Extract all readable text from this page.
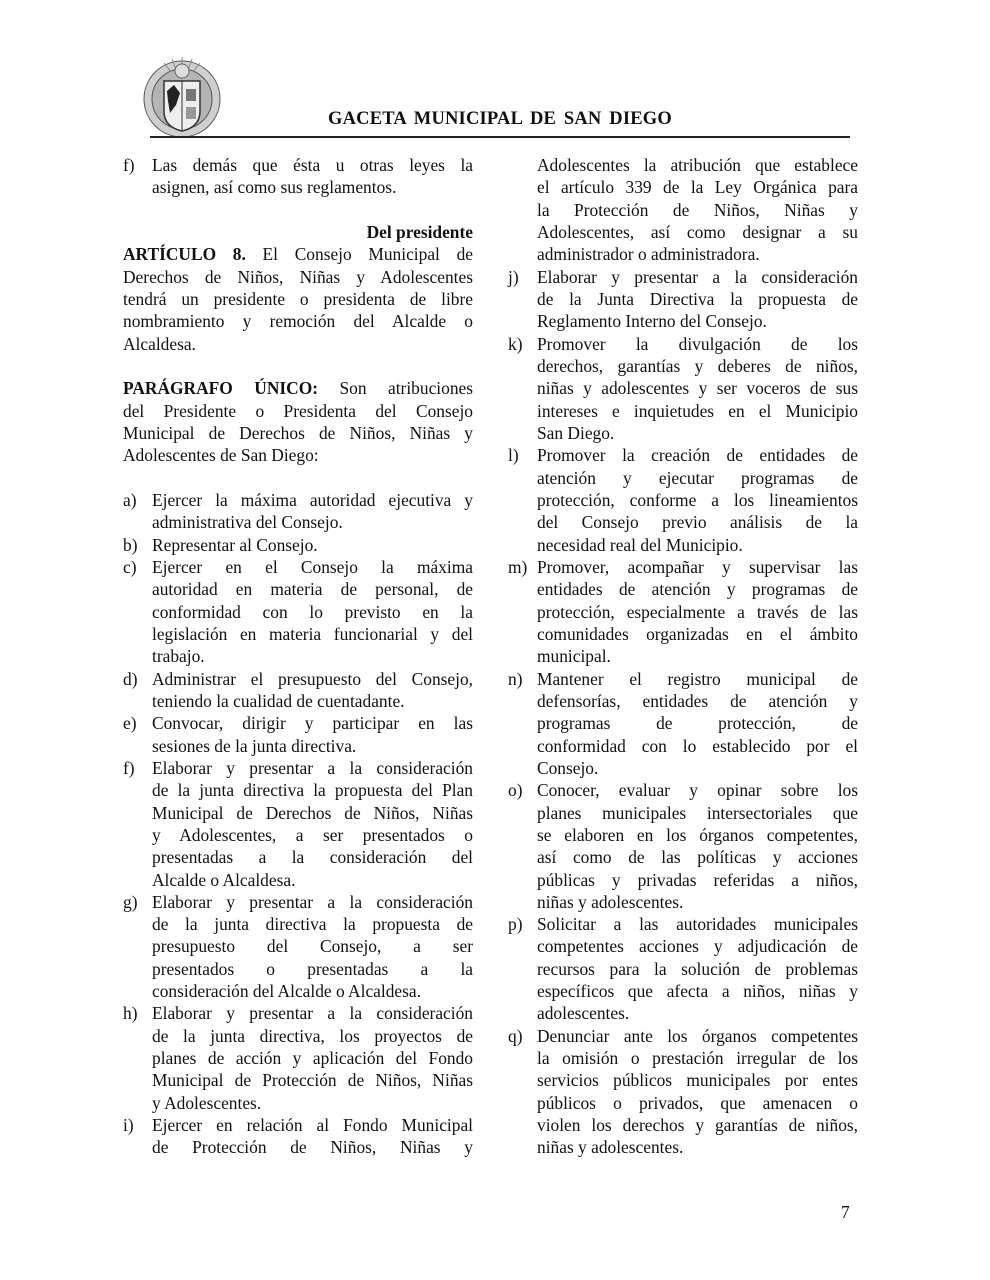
GACETA MUNICIPAL DE SAN DIEGO
f) Las demás que ésta u otras leyes la
asignen, así como sus reglamentos.
Del presidente
ARTÍCULO 8. El Consejo Municipal de
Derechos de Niños, Niñas y Adolescentes
tendrá un presidente o presidenta de libre
nombramiento y remoción del Alcalde o
Alcaldesa.
PARÁGRAFO ÚNICO: Son atribuciones
del Presidente o Presidenta del Consejo
Municipal de Derechos de Niños, Niñas y
Adolescentes de San Diego:
a) Ejercer la máxima autoridad ejecutiva y
administrativa del Consejo.
b) Representar al Consejo.
c) Ejercer en el Consejo la máxima
autoridad en materia de personal, de
conformidad con lo previsto en la
legislación en materia funcionarial y del
trabajo.
d) Administrar el presupuesto del Consejo,
teniendo la cualidad de cuentadante.
e) Convocar, dirigir y participar en las
sesiones de la junta directiva.
f) Elaborar y presentar a la consideración
de la junta directiva la propuesta del Plan
Municipal de Derechos de Niños, Niñas
y Adolescentes, a ser presentados o
presentadas a la consideración del
Alcalde o Alcaldesa.
g) Elaborar y presentar a la consideración
de la junta directiva la propuesta de
presupuesto del Consejo, a ser
presentados o presentadas a la
consideración del Alcalde o Alcaldesa.
h) Elaborar y presentar a la consideración
de la junta directiva, los proyectos de
planes de acción y aplicación del Fondo
Municipal de Protección de Niños, Niñas
y Adolescentes.
i) Ejercer en relación al Fondo Municipal
de Protección de Niños, Niñas y
Adolescentes la atribución que establece
el artículo 339 de la Ley Orgánica para
la Protección de Niños, Niñas y
Adolescentes, así como designar a su
administrador o administradora.
j) Elaborar y presentar a la consideración
de la Junta Directiva la propuesta de
Reglamento Interno del Consejo.
k) Promover la divulgación de los
derechos, garantías y deberes de niños,
niñas y adolescentes y ser voceros de sus
intereses e inquietudes en el Municipio
San Diego.
l) Promover la creación de entidades de
atención y ejecutar programas de
protección, conforme a los lineamientos
del Consejo previo análisis de la
necesidad real del Municipio.
m) Promover, acompañar y supervisar las
entidades de atención y programas de
protección, especialmente a través de las
comunidades organizadas en el ámbito
municipal.
n) Mantener el registro municipal de
defensorías, entidades de atención y
programas de protección, de
conformidad con lo establecido por el
Consejo.
o) Conocer, evaluar y opinar sobre los
planes municipales intersectoriales que
se elaboren en los órganos competentes,
así como de las políticas y acciones
públicas y privadas referidas a niños,
niñas y adolescentes.
p) Solicitar a las autoridades municipales
competentes acciones y adjudicación de
recursos para la solución de problemas
específicos que afecta a niños, niñas y
adolescentes.
q) Denunciar ante los órganos competentes
la omisión o prestación irregular de los
servicios públicos municipales por entes
públicos o privados, que amenacen o
violen los derechos y garantías de niños,
niñas y adolescentes.
7
